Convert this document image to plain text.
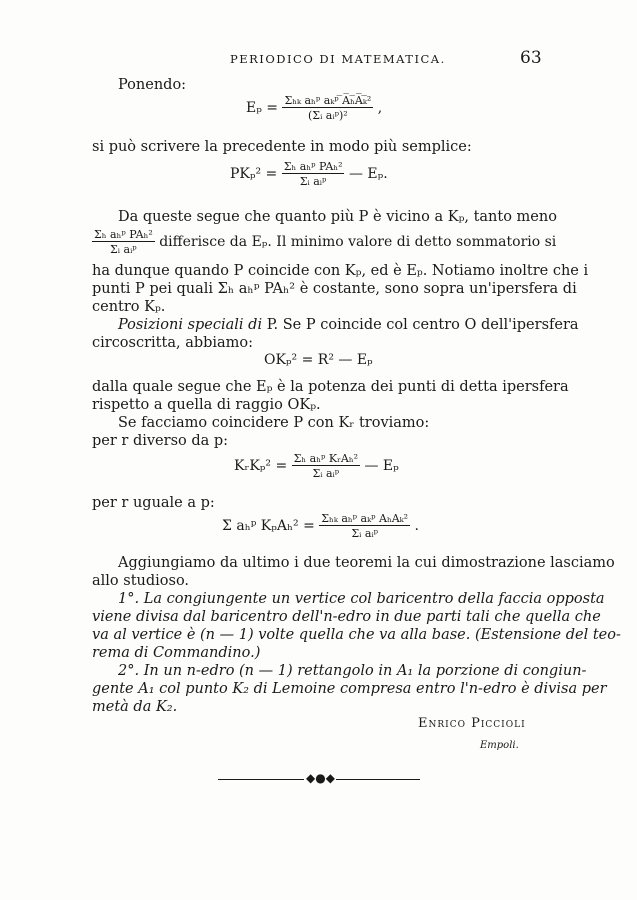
PERIODICO DI MATEMATICA.	63
Ponendo:
$E_p = \frac{\text{Σₕₖ aₕᵖ aₖᵖ ̅A̅ₕ̅A̅ₖ̅²}}{\text{(Σᵢ aᵢᵖ)²}}$ ,
si può scrivere la precedente in modo più semplice:
$PK_p^2 = \frac{\text{Σₕ aₕᵖ PAₕ²}}{\text{Σᵢ aᵢᵖ}}$ — Eₚ.
Da queste segue che quanto più P è vicino a Kₚ, tanto meno
$\frac{\text{Σₕ aₕᵖ PAₕ²}}{\text{Σᵢ aᵢᵖ}}$ differisce da Eₚ. Il minimo valore di detto sommatorio si
ha dunque quando P coincide con Kₚ, ed è Eₚ. Notiamo inoltre che i
punti P pei quali Σₕ aₕᵖ PAₕ² è costante, sono sopra un'ipersfera di
centro Kₚ.
Posizioni speciali di P. Se P coincide col centro O dell'ipersfera
circoscritta, abbiamo:
OKₚ² = R² — Eₚ
dalla quale segue che Eₚ è la potenza dei punti di detta ipersfera
rispetto a quella di raggio OKₚ.
Se facciamo coincidere P con Kᵣ troviamo:
per r diverso da p:
KᵣKₚ² = $\frac{\text{Σₕ aₕᵖ KᵣAₕ²}}{\text{Σᵢ aᵢᵖ}}$ — Eₚ
per r uguale a p:
Σ aₕᵖ $K_pA_h^2 = \frac{\text{Σₕₖ aₕᵖ aₖᵖ AₕAₖ²}}{\text{Σᵢ aᵢᵖ}}$ .
Aggiungiamo da ultimo i due teoremi la cui dimostrazione lasciamo
allo studioso.
1°. La congiungente un vertice col baricentro della faccia opposta
viene divisa dal baricentro dell'n-edro in due parti tali che quella che
va al vertice è (n — 1) volte quella che va alla base. (Estensione del teo-
rema di Commandino.)
2°. In un n-edro (n — 1) rettangolo in A₁ la porzione di congiun-
gente A₁ col punto K₂ di Lemoine compresa entro l'n-edro è divisa per
metà da K₂.
Enrico Piccioli
Empoli.
◆●◆
